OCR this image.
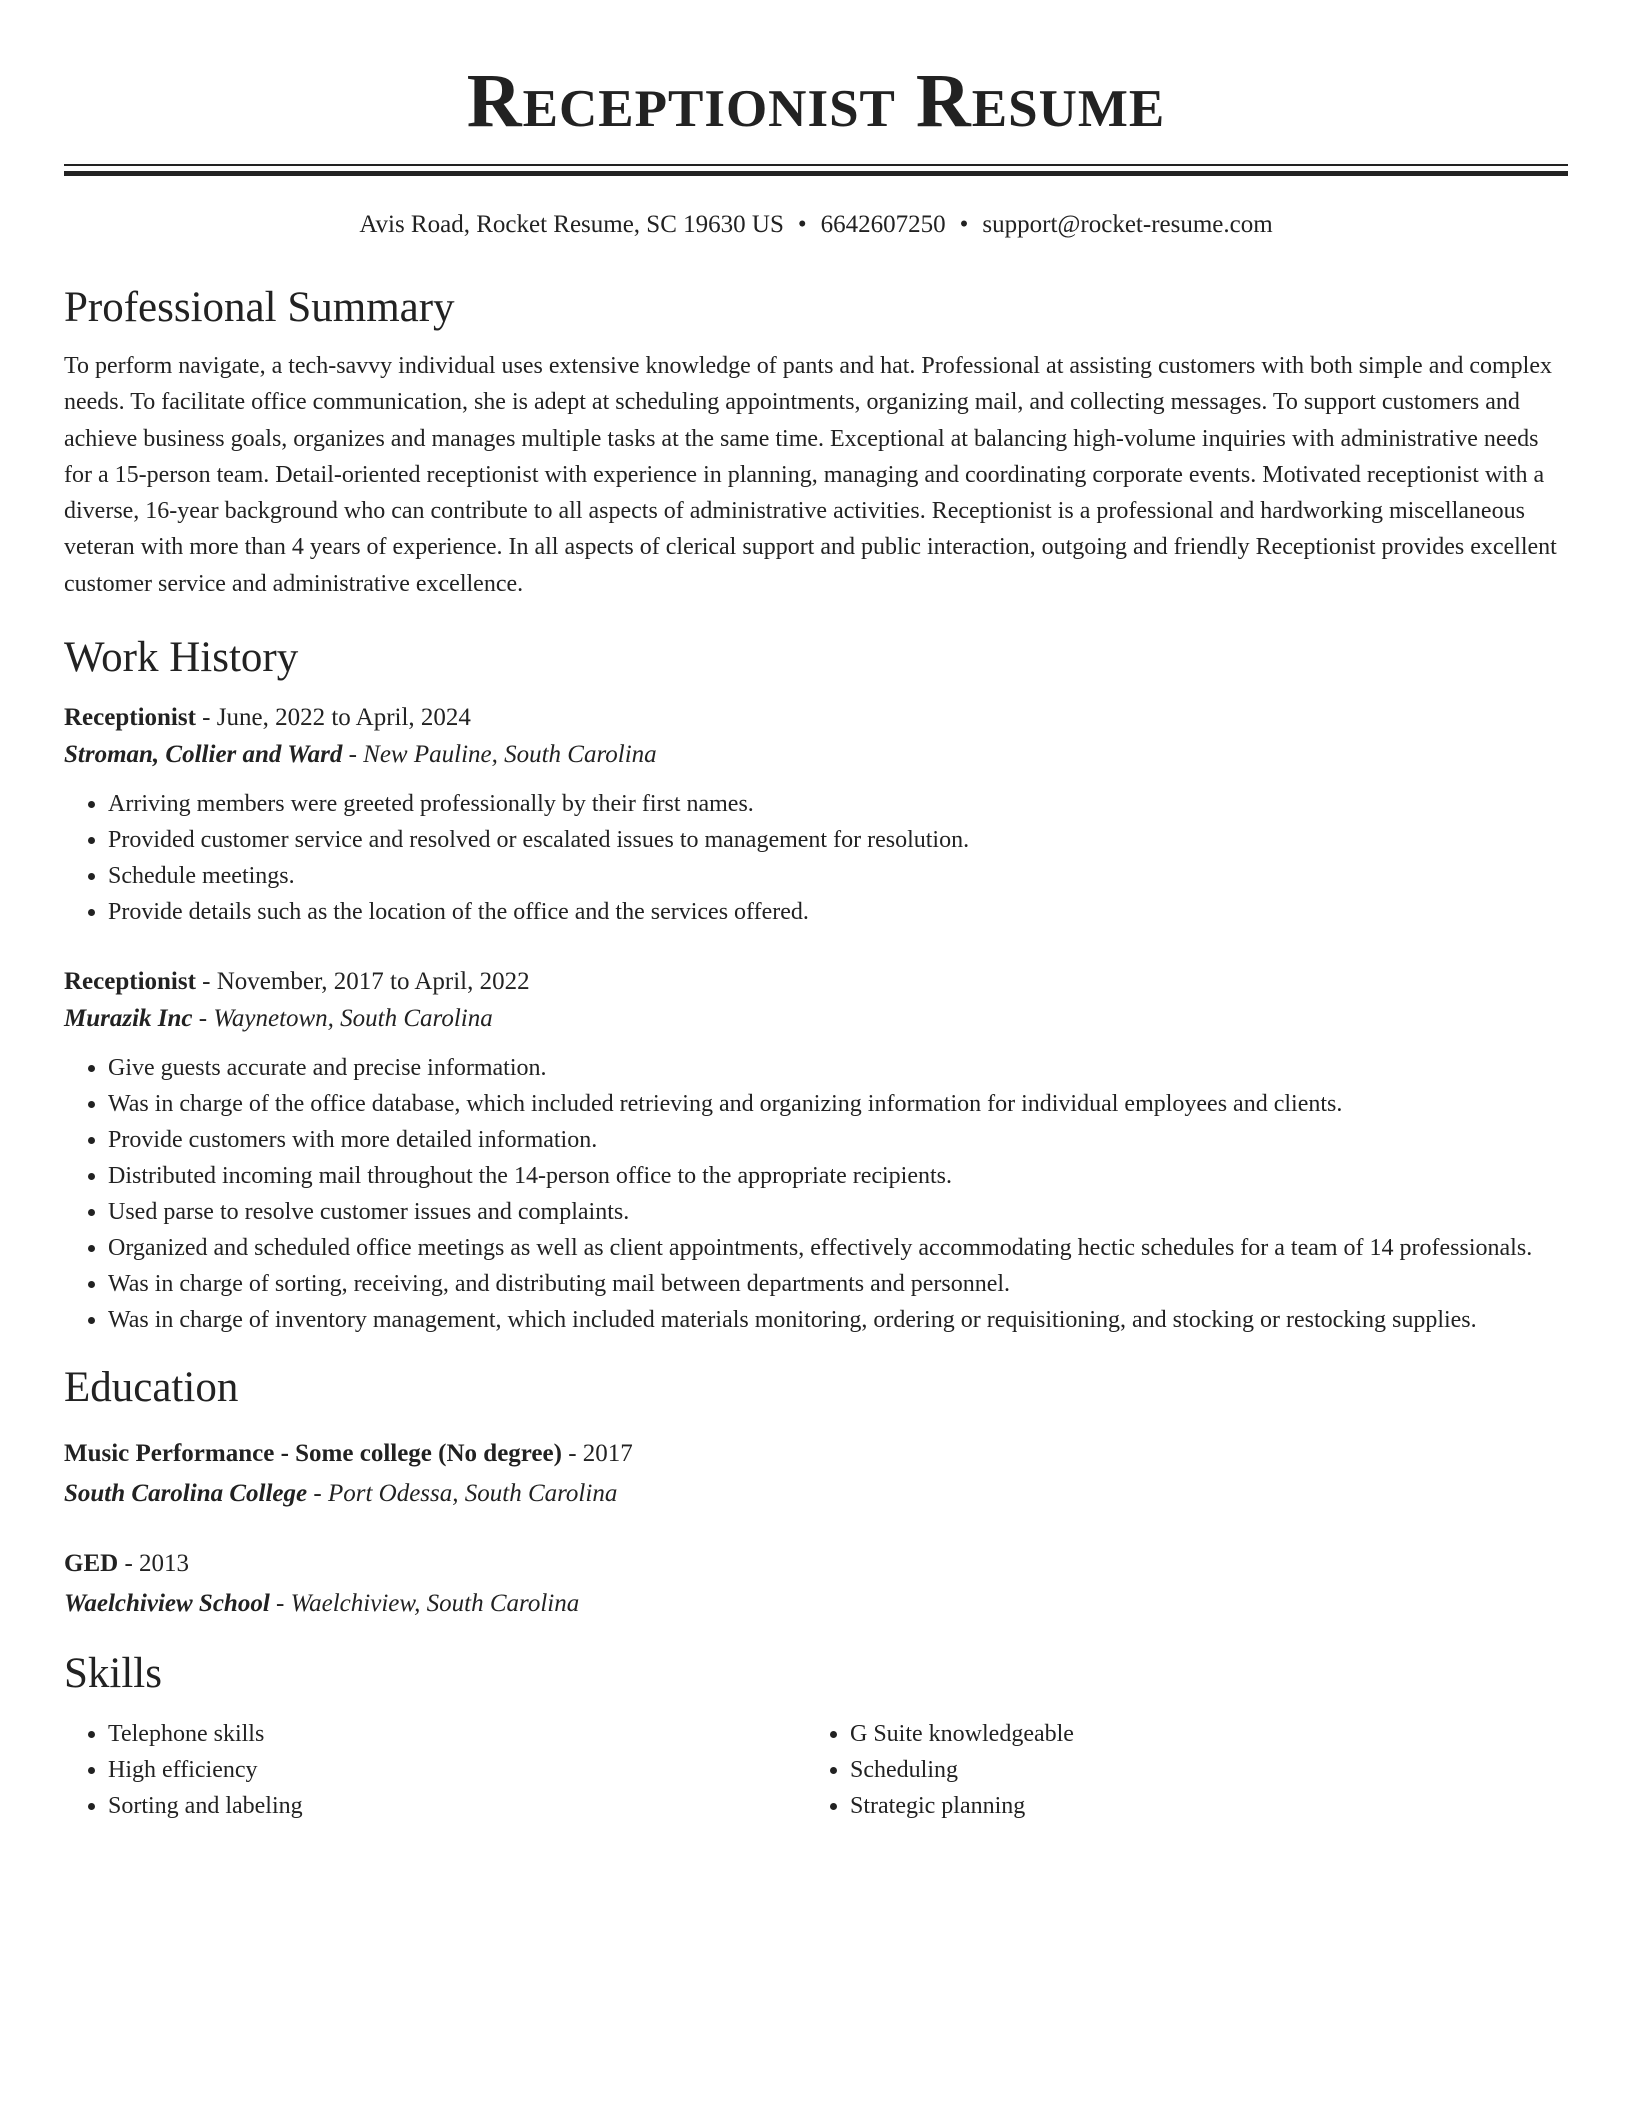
Receptionist Resume
Avis Road, Rocket Resume, SC 19630 US • 6642607250 • support@rocket-resume.com
Professional Summary

To perform navigate, a tech-savvy individual uses extensive knowledge of pants and hat. Professional at assisting customers with both simple and complex needs. To facilitate office communication, she is adept at scheduling appointments, organizing mail, and collecting messages. To support customers and achieve business goals, organizes and manages multiple tasks at the same time. Exceptional at balancing high-volume inquiries with administrative needs for a 15-person team. Detail-oriented receptionist with experience in planning, managing and coordinating corporate events. Motivated receptionist with a diverse, 16-year background who can contribute to all aspects of administrative activities. Receptionist is a professional and hardworking miscellaneous veteran with more than 4 years of experience. In all aspects of clerical support and public interaction, outgoing and friendly Receptionist provides excellent customer service and administrative excellence.

Work History
Receptionist - June, 2022 to April, 2024
Stroman, Collier and Ward - New Pauline, South Carolina
• Arriving members were greeted professionally by their first names.
• Provided customer service and resolved or escalated issues to management for resolution.
• Schedule meetings.
• Provide details such as the location of the office and the services offered.
Receptionist - November, 2017 to April, 2022
Murazik Inc - Waynetown, South Carolina
• Give guests accurate and precise information.
• Was in charge of the office database, which included retrieving and organizing information for individual employees and clients.
• Provide customers with more detailed information.
• Distributed incoming mail throughout the 14-person office to the appropriate recipients.
• Used parse to resolve customer issues and complaints.
• Organized and scheduled office meetings as well as client appointments, effectively accommodating hectic schedules for a team of 14 professionals.
• Was in charge of sorting, receiving, and distributing mail between departments and personnel.
• Was in charge of inventory management, which included materials monitoring, ordering or requisitioning, and stocking or restocking supplies.
Education
Music Performance - Some college (No degree) - 2017
South Carolina College - Port Odessa, South Carolina
GED - 2013
Waelchiview School - Waelchiview, South Carolina
Skills
• Telephone skills
• High efficiency
• Sorting and labeling
• G Suite knowledgeable
• Scheduling
• Strategic planning
